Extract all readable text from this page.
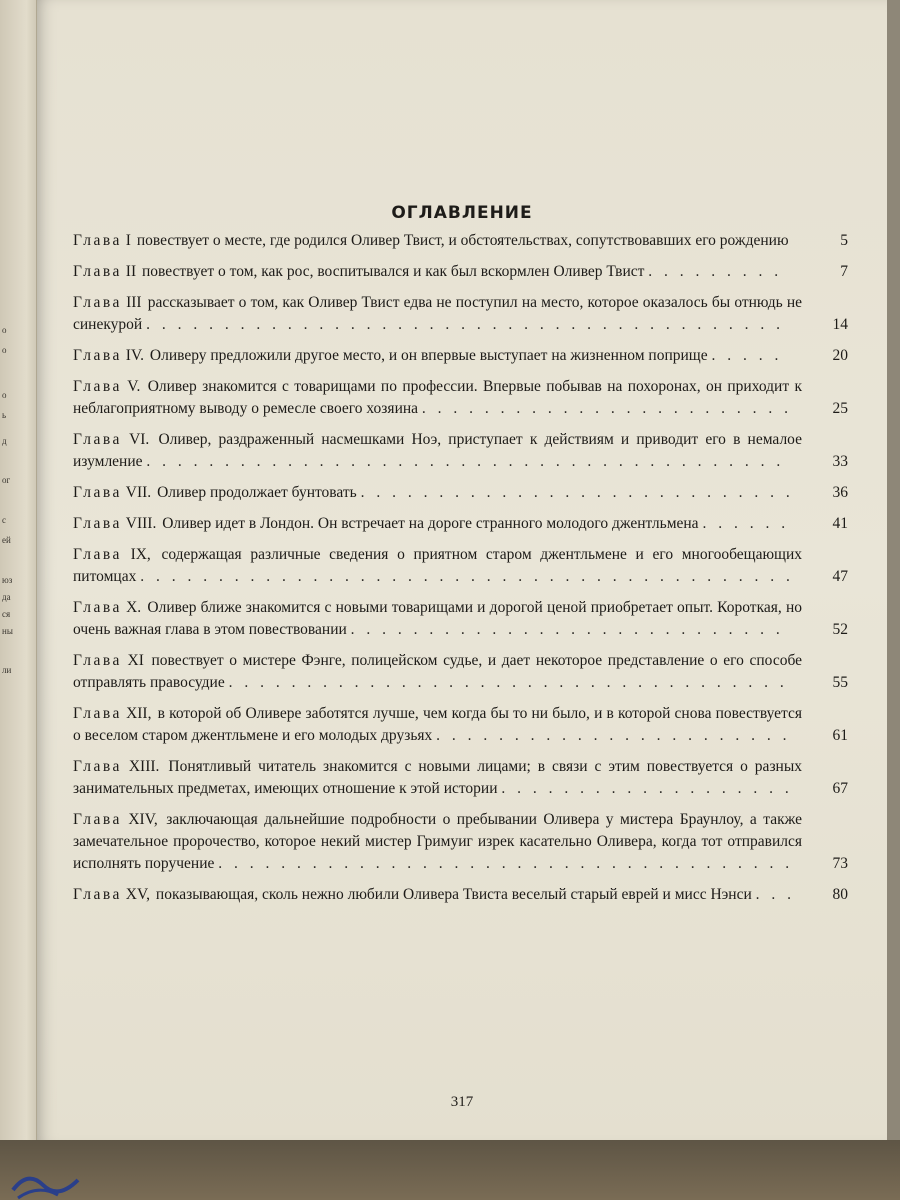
о
о
о
ь
д
ог
с
ей
юз
да
ся
ны
ли
ОГЛАВЛЕНИЕ
Глава I повествует о месте, где родился Оливер Твист, и обстоятельствах, сопутствовавших его рождению	5
Глава II повествует о том, как рос, воспитывался и как был вскормлен Оливер Твист . . . . . . . . .	7
Глава III рассказывает о том, как Оливер Твист едва не поступил на место, которое оказалось бы отнюдь не синекурой . . . . . . . . . . . . . . . . . . . . . . . . . . . . . . . . . . . . . . . . .	14
Глава IV. Оливеру предложили другое место, и он впервые выступает на жизненном поприще . . . . .	20
Глава V. Оливер знакомится с товарищами по профессии. Впервые побывав на похоронах, он приходит к неблагоприятному выводу о ремесле своего хозяина . . . . . . . . . . . . . . . . . . . . . . . .	25
Глава VI. Оливер, раздраженный насмешками Ноэ, приступает к действиям и приводит его в немалое изумление . . . . . . . . . . . . . . . . . . . . . . . . . . . . . . . . . . . . . . . . .	33
Глава VII. Оливер продолжает бунтовать . . . . . . . . . . . . . . . . . . . . . . . . . . . .	36
Глава VIII. Оливер идет в Лондон. Он встречает на дороге странного молодого джентльмена . . . . . .	41
Глава IX, содержащая различные сведения о приятном старом джентльмене и его многообещающих питомцах . . . . . . . . . . . . . . . . . . . . . . . . . . . . . . . . . . . . . . . . . . 47
Глава X. Оливер ближе знакомится с новыми товарищами и дорогой ценой приобретает опыт. Короткая, но очень важная глава в этом повествовании . . . . . . . . . . . . . . . . . . . . . . . . . . . .	52
Глава XI повествует о мистере Фэнге, полицейском судье, и дает некоторое представление о его способе отправлять правосудие . . . . . . . . . . . . . . . . . . . . . . . . . . . . . . . . . . . .	55
Глава XII, в которой об Оливере заботятся лучше, чем когда бы то ни было, и в которой снова повествуется о веселом старом джентльмене и его молодых друзьях . . . . . . . . . . . . . . . . . . . . . . .	61
Глава XIII. Понятливый читатель знакомится с новыми лицами; в связи с этим повествуется о разных занимательных предметах, имеющих отношение к этой истории . . . . . . . . . . . . . . . . . . .	67
Глава XIV, заключающая дальнейшие подробности о пребывании Оливера у мистера Браунлоу, а также замечательное пророчество, которое некий мистер Гримуиг изрек касательно Оливера, когда тот отправился исполнять поручение . . . . . . . . . . . . . . . . . . . . . . . . . . . . . . . . . . . . .	73
Глава XV, показывающая, сколь нежно любили Оливера Твиста веселый старый еврей и мисс Нэнси . . . 80
317
